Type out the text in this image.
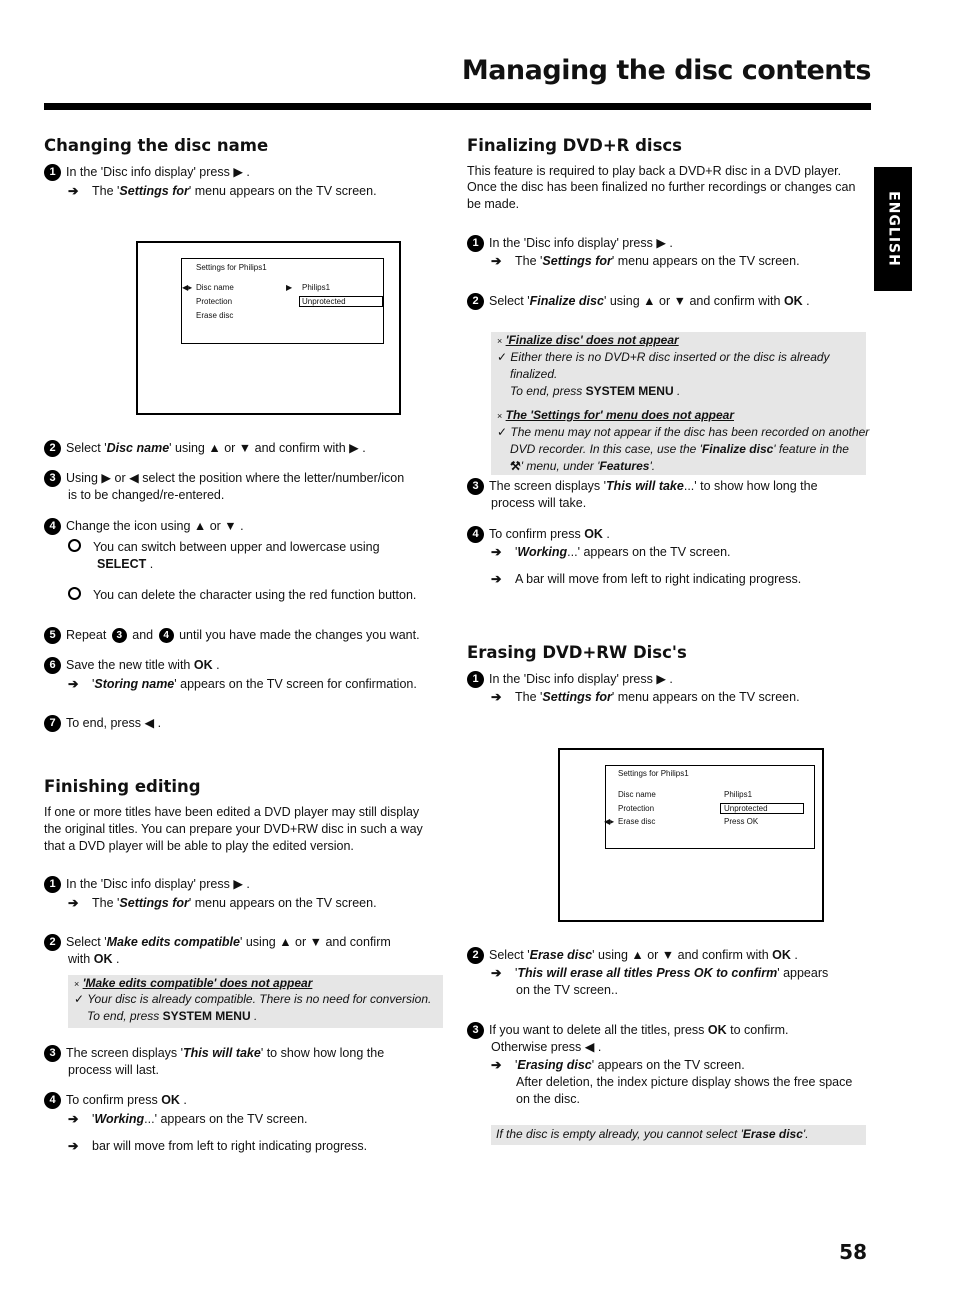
Managing the disc contents
ENGLISH
Changing the disc name
1 In the 'Disc info display' press ▶ .
➔ The 'Settings for' menu appears on the TV screen.
Settings for Philips1
◀▸ Disc name	▶ Philips1
Protection	Unprotected
Erase disc
2 Select 'Disc name' using ▲ or ▼ and confirm with ▶ .
3 Using ▶ or ◀ select the position where the letter/number/icon
is to be changed/re-entered.
4 Change the icon using ▲ or ▼ .
You can switch between upper and lowercase using
SELECT .
You can delete the character using the red function button.
5 Repeat 3 and 4 until you have made the changes you want.
6 Save the new title with OK .
➔ 'Storing name' appears on the TV screen for confirmation.
7 To end, press ◀ .
Finishing editing
If one or more titles have been edited a DVD player may still display
the original titles. You can prepare your DVD+RW disc in such a way
that a DVD player will be able to play the edited version.
1 In the 'Disc info display' press ▶ .
➔ The 'Settings for' menu appears on the TV screen.
2 Select 'Make edits compatible' using ▲ or ▼ and confirm
with OK .
× 'Make edits compatible' does not appear
✓ Your disc is already compatible. There is no need for conversion.
To end, press SYSTEM MENU .
3 The screen displays 'This will take' to show how long the
process will last.
4 To confirm press OK .
➔ 'Working...' appears on the TV screen.
➔ bar will move from left to right indicating progress.
Finalizing DVD+R discs
This feature is required to play back a DVD+R disc in a DVD player.
Once the disc has been finalized no further recordings or changes can
be made.
1 In the 'Disc info display' press ▶ .
➔ The 'Settings for' menu appears on the TV screen.
2 Select 'Finalize disc' using ▲ or ▼ and confirm with OK .
× 'Finalize disc' does not appear
✓ Either there is no DVD+R disc inserted or the disc is already
finalized.
To end, press SYSTEM MENU .
× The 'Settings for' menu does not appear
✓ The menu may not appear if the disc has been recorded on another
DVD recorder. In this case, use the 'Finalize disc' feature in the
⚒' menu, under 'Features'.
3 The screen displays 'This will take...' to show how long the
process will take.
4 To confirm press OK .
➔ 'Working...' appears on the TV screen.
➔ A bar will move from left to right indicating progress.
Erasing DVD+RW Disc's
1 In the 'Disc info display' press ▶ .
➔ The 'Settings for' menu appears on the TV screen.
Settings for Philips1
Disc name	Philips1
Protection	Unprotected
◀▸ Erase disc	Press OK
2 Select 'Erase disc' using ▲ or ▼ and confirm with OK .
➔ 'This will erase all titles Press OK to confirm' appears
on the TV screen..
3 If you want to delete all the titles, press OK to confirm.
Otherwise press ◀ .
➔ 'Erasing disc' appears on the TV screen.
After deletion, the index picture display shows the free space
on the disc.
If the disc is empty already, you cannot select 'Erase disc'.
58
